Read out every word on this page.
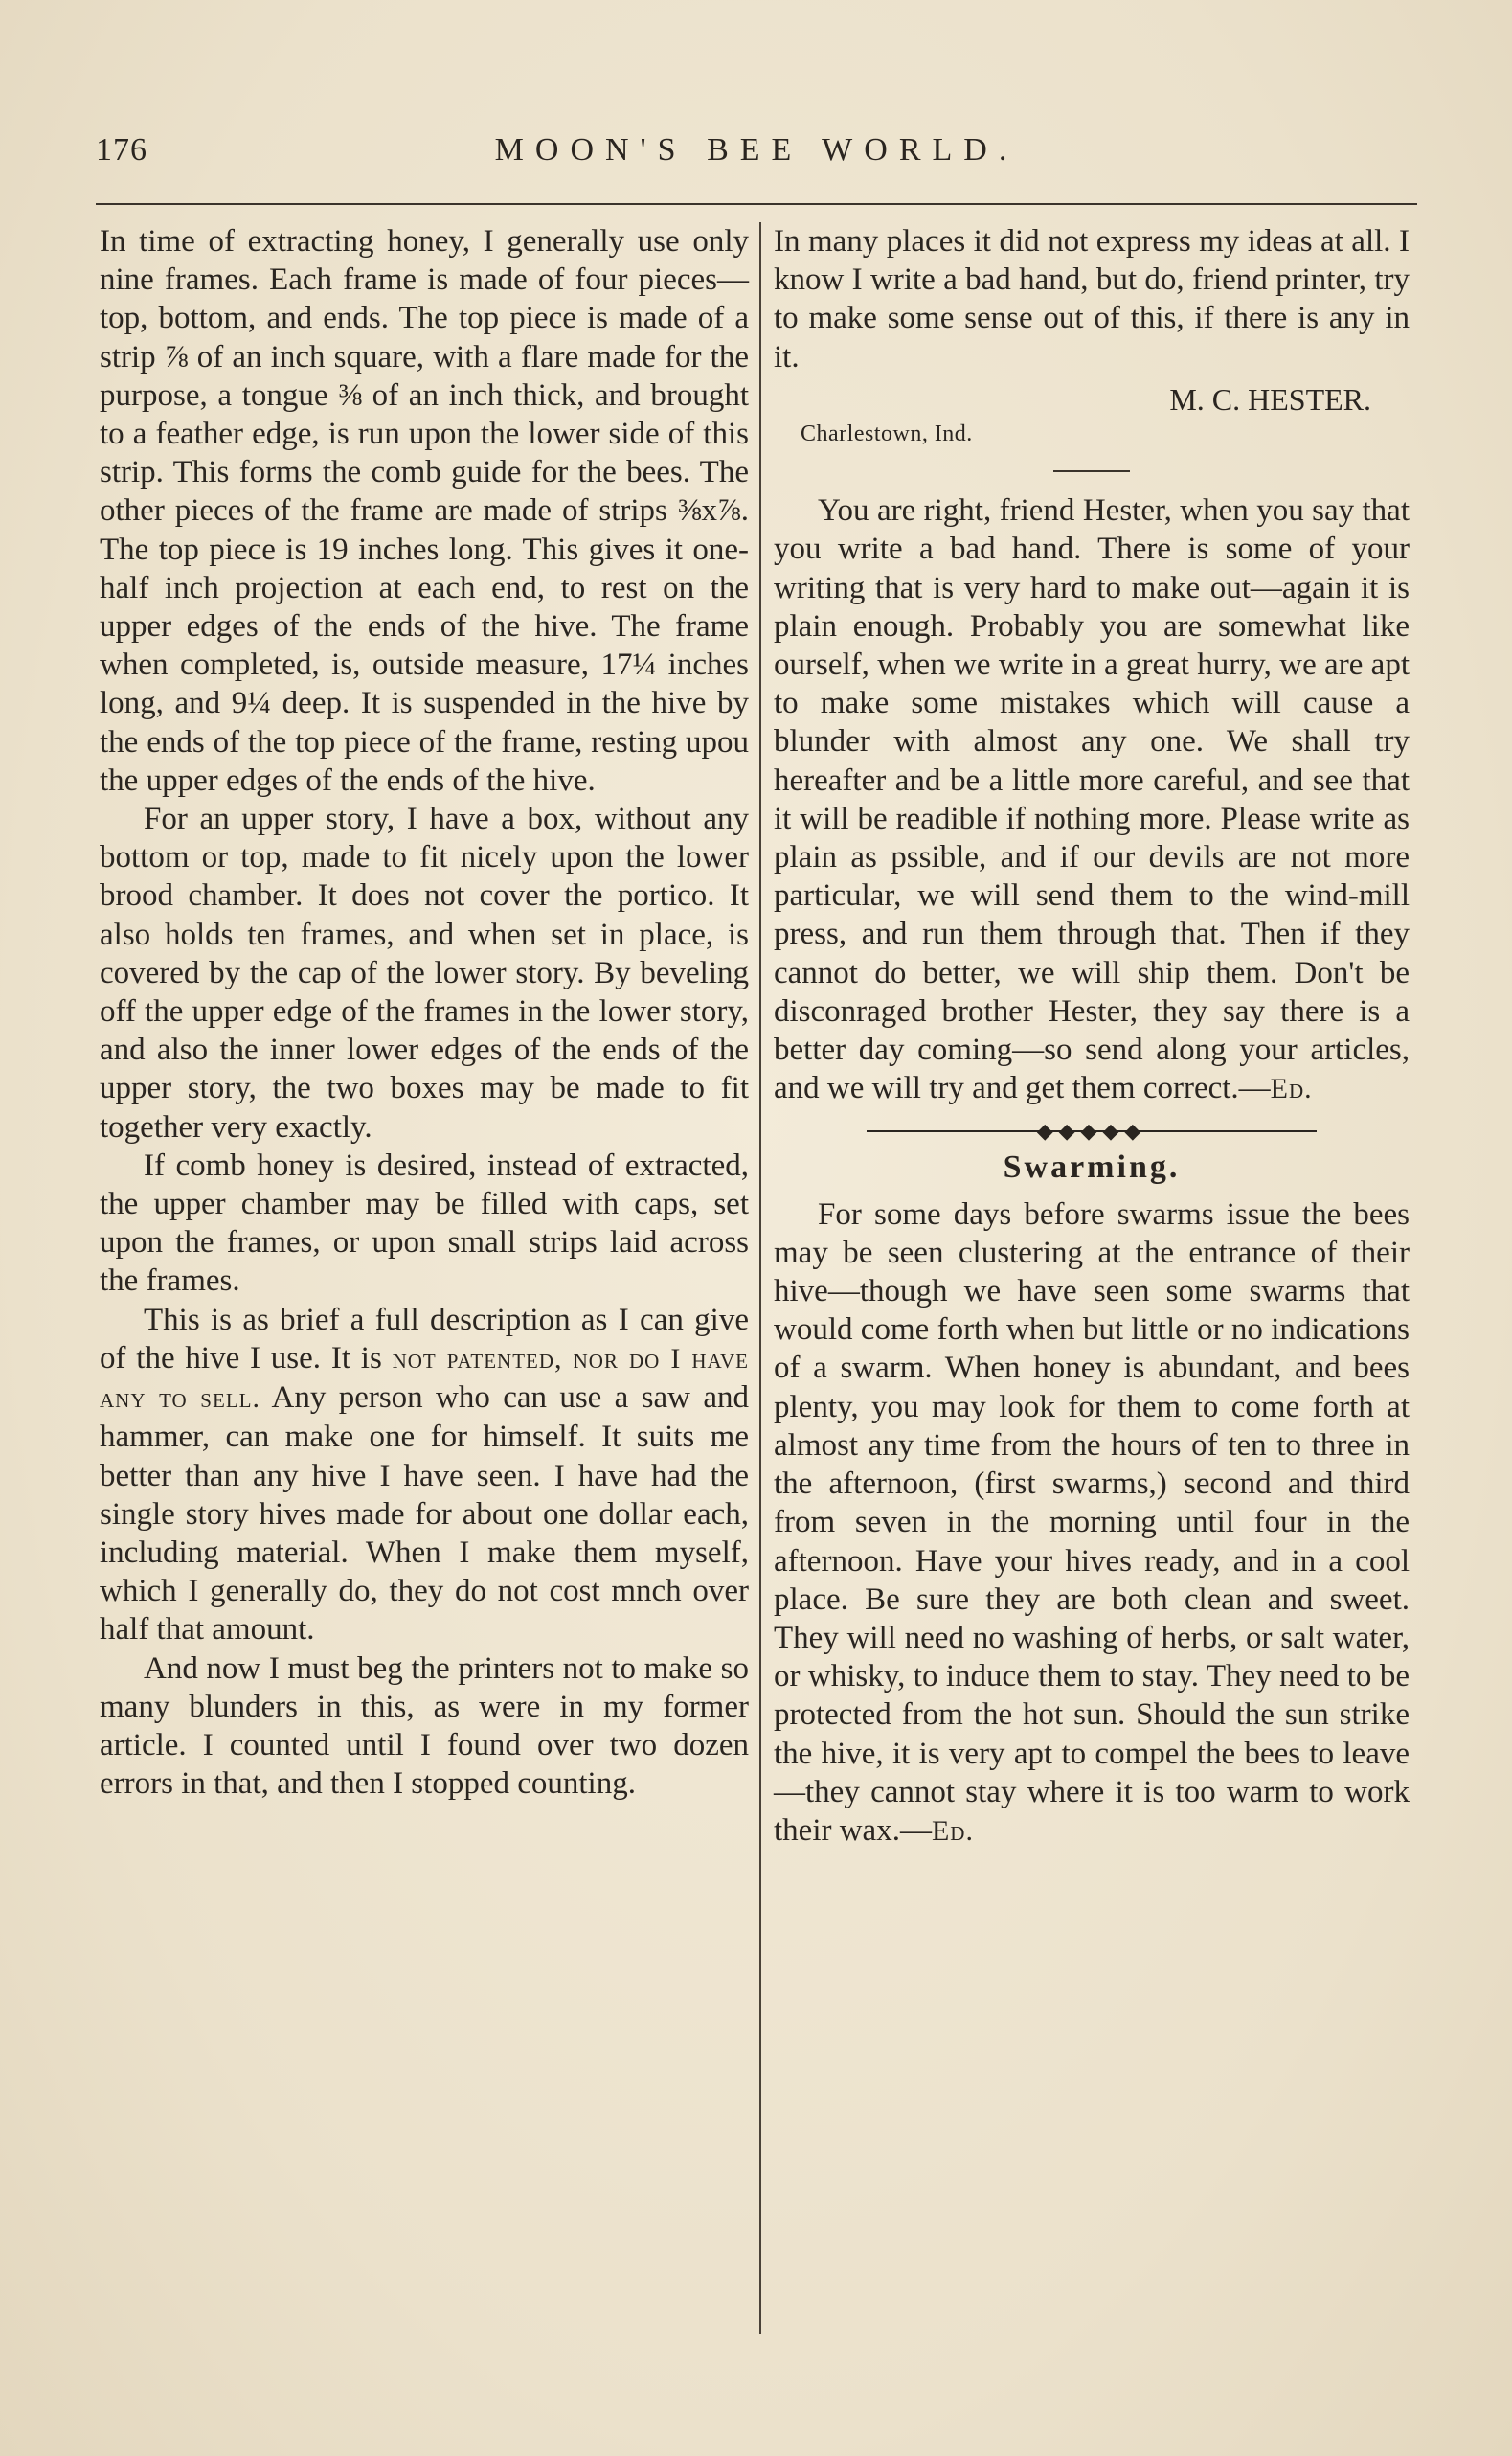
176	MOON'S BEE WORLD.

In time of extracting honey, I generally use only nine frames. Each frame is made of four pieces—top, bottom, and ends. The top piece is made of a strip ⅞ of an inch square, with a flare made for the purpose, a tongue ⅜ of an inch thick, and brought to a feather edge, is run upon the lower side of this strip. This forms the comb guide for the bees. The other pieces of the frame are made of strips ⅜x⅞. The top piece is 19 inches long. This gives it one-half inch projection at each end, to rest on the upper edges of the ends of the hive. The frame when completed, is, outside measure, 17¼ inches long, and 9¼ deep. It is suspended in the hive by the ends of the top piece of the frame, resting upou the upper edges of the ends of the hive.

For an upper story, I have a box, without any bottom or top, made to fit nicely upon the lower brood chamber. It does not cover the portico. It also holds ten frames, and when set in place, is covered by the cap of the lower story. By beveling off the upper edge of the frames in the lower story, and also the inner lower edges of the ends of the upper story, the two boxes may be made to fit together very exactly.

If comb honey is desired, instead of extracted, the upper chamber may be filled with caps, set upon the frames, or upon small strips laid across the frames.

This is as brief a full description as I can give of the hive I use. It is not patented, nor do I have any to sell. Any person who can use a saw and hammer, can make one for himself. It suits me better than any hive I have seen. I have had the single story hives made for about one dollar each, including material. When I make them myself, which I generally do, they do not cost mnch over half that amount.

And now I must beg the printers not to make so many blunders in this, as were in my former article. I counted until I found over two dozen errors in that, and then I stopped counting.

In many places it did not express my ideas at all. I know I write a bad hand, but do, friend printer, try to make some sense out of this, if there is any in it.

M. C. HESTER.
Charlestown, Ind.

You are right, friend Hester, when you say that you write a bad hand. There is some of your writing that is very hard to make out—again it is plain enough. Probably you are somewhat like ourself, when we write in a great hurry, we are apt to make some mistakes which will cause a blunder with almost any one. We shall try hereafter and be a little more careful, and see that it will be readible if nothing more. Please write as plain as pssible, and if our devils are not more particular, we will send them to the wind-mill press, and run them through that. Then if they cannot do better, we will ship them. Don't be disconraged brother Hester, they say there is a better day coming—so send along your articles, and we will try and get them correct.—Ed.

◆◆◆◆◆
Swarming.

For some days before swarms issue the bees may be seen clustering at the entrance of their hive—though we have seen some swarms that would come forth when but little or no indications of a swarm. When honey is abundant, and bees plenty, you may look for them to come forth at almost any time from the hours of ten to three in the afternoon, (first swarms,) second and third from seven in the morning until four in the afternoon. Have your hives ready, and in a cool place. Be sure they are both clean and sweet. They will need no washing of herbs, or salt water, or whisky, to induce them to stay. They need to be protected from the hot sun. Should the sun strike the hive, it is very apt to compel the bees to leave—they cannot stay where it is too warm to work their wax.—Ed.
